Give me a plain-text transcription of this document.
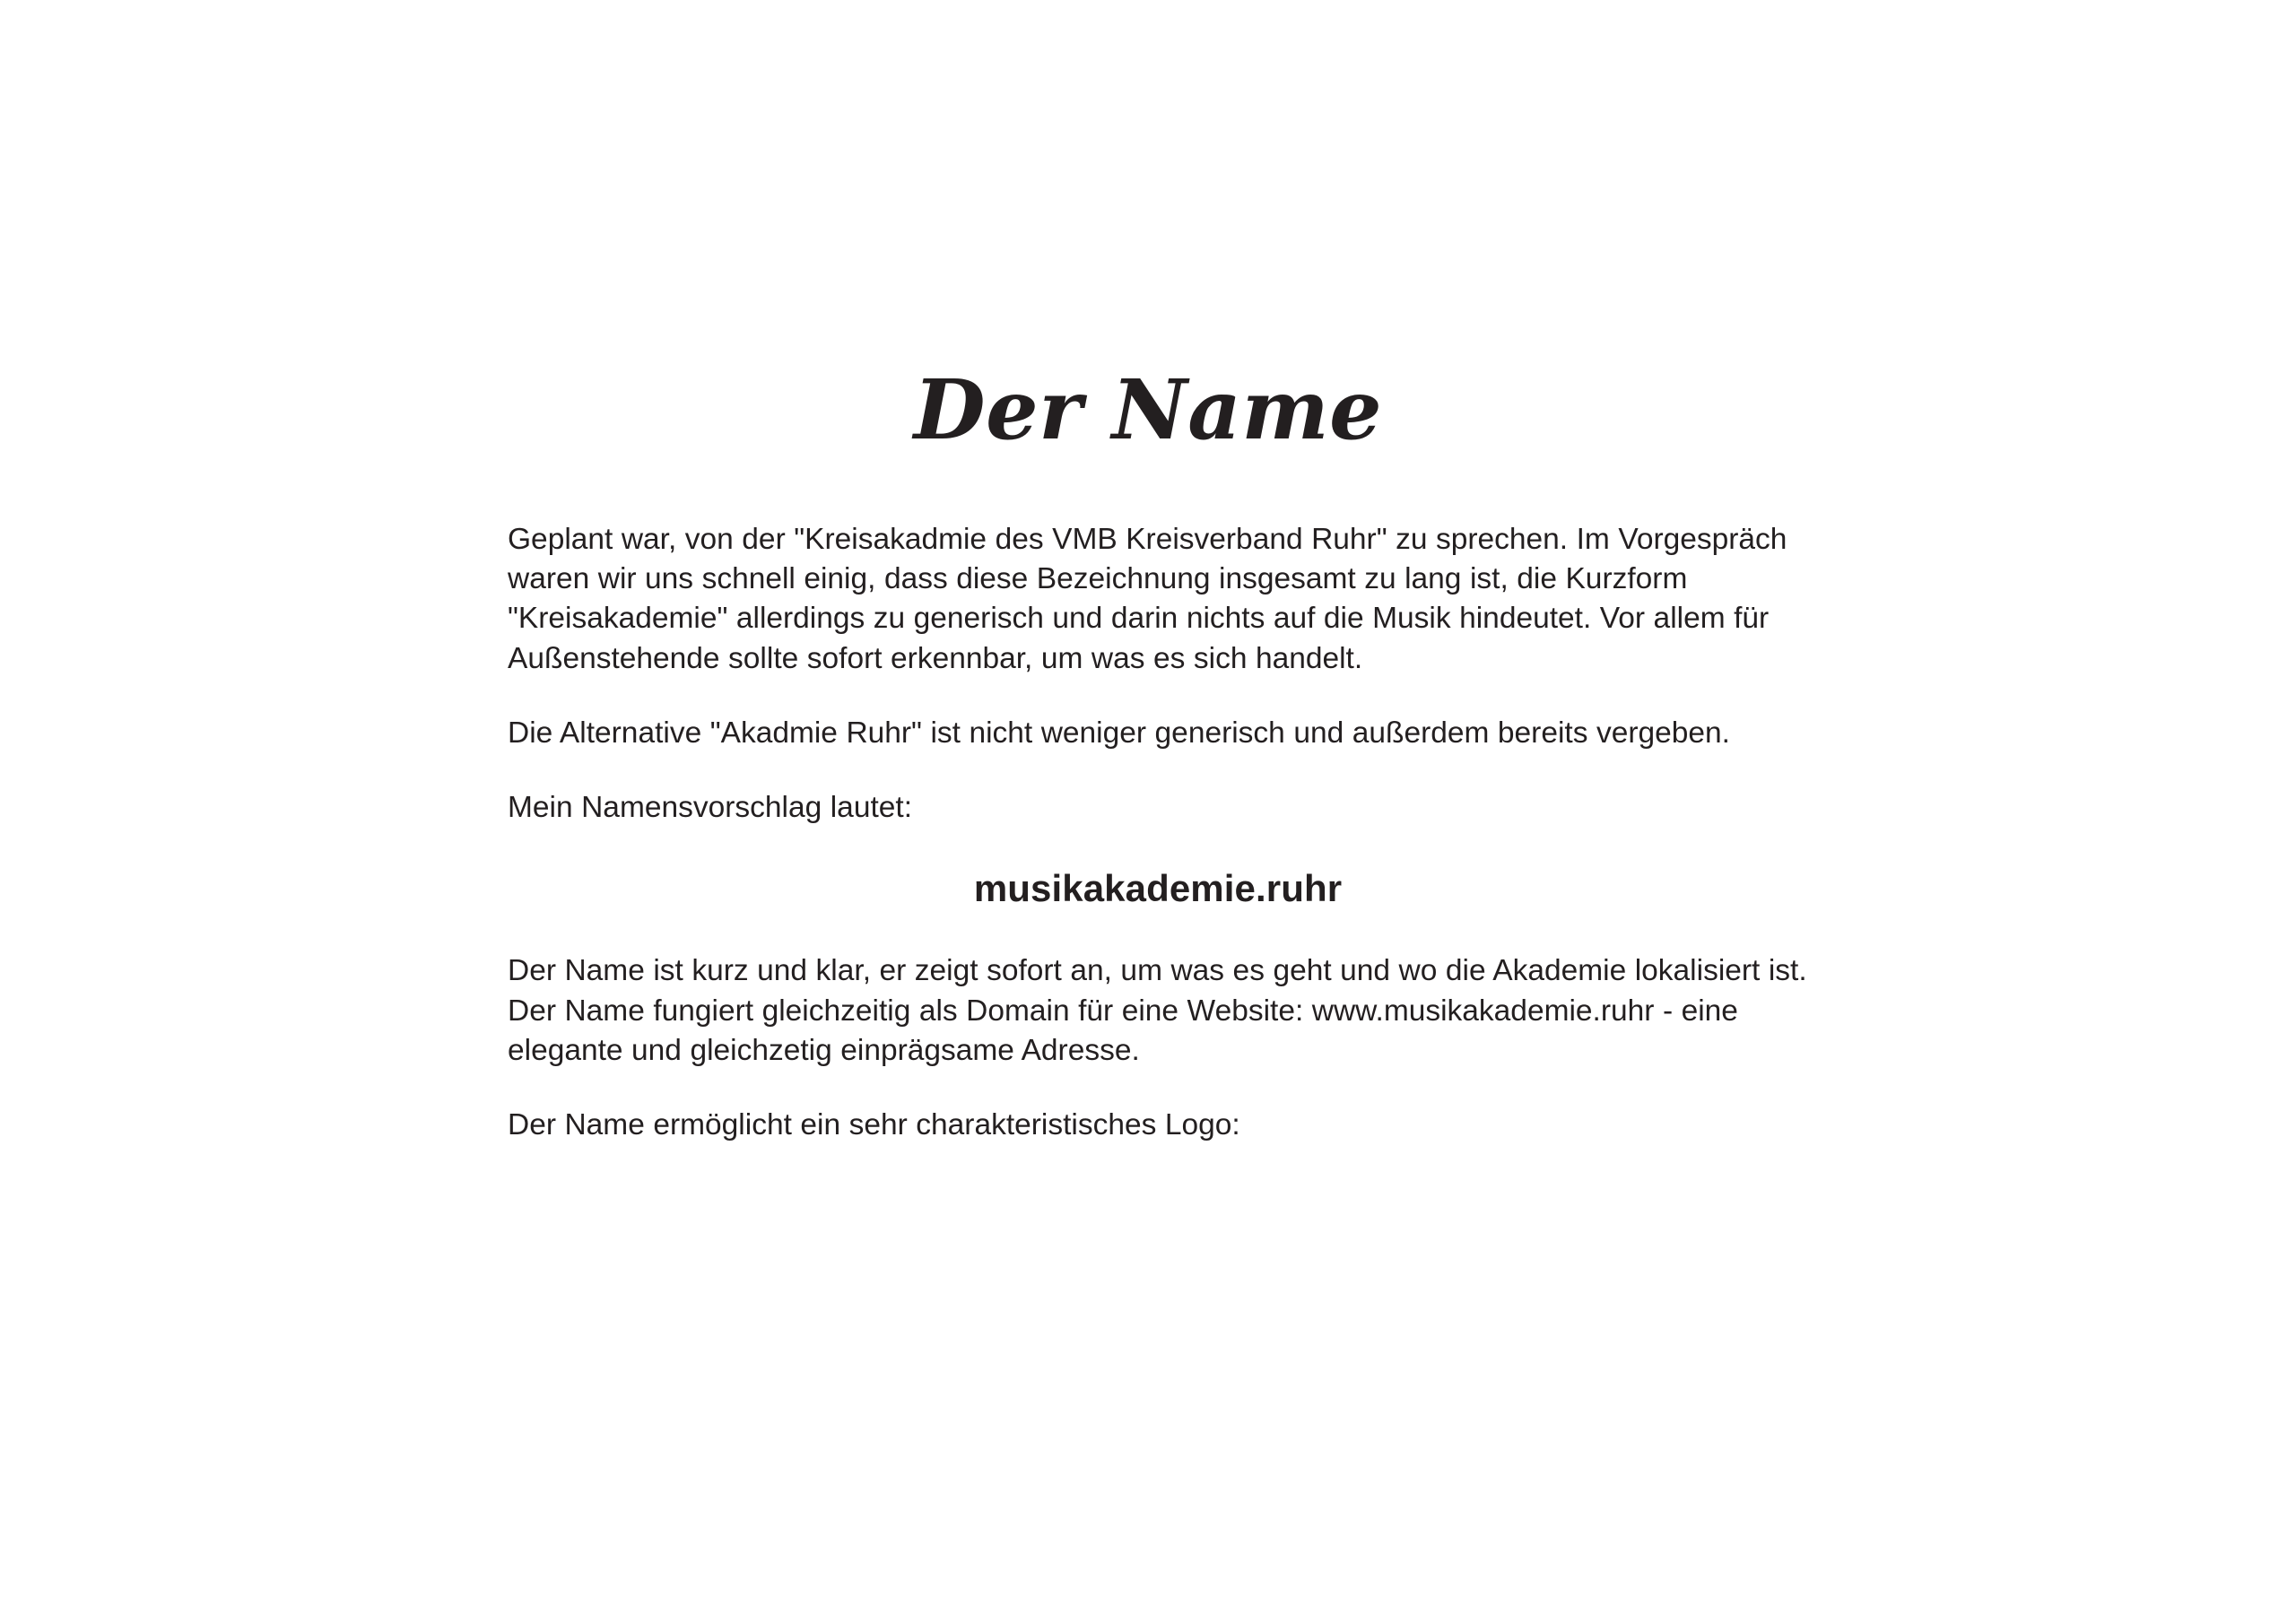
Der Name

Geplant war, von der "Kreisakadmie des VMB Kreisverband Ruhr" zu sprechen. Im Vorgespräch waren wir uns schnell einig, dass diese Bezeichnung insgesamt zu lang ist, die Kurzform "Kreisakademie" allerdings zu generisch und darin nichts auf die Musik hindeutet. Vor allem für Außenstehende sollte sofort erkennbar, um was es sich handelt.

Die Alternative "Akadmie Ruhr" ist nicht weniger generisch und außerdem bereits vergeben.

Mein Namensvorschlag lautet:

musikakademie.ruhr

Der Name ist kurz und klar, er zeigt sofort an, um was es geht und wo die Akademie lokalisiert ist. Der Name fungiert gleichzeitig als Domain für eine Website: www.musikakademie.ruhr - eine elegante und gleichzetig einprägsame Adresse.

Der Name ermöglicht ein sehr charakteristisches Logo:
